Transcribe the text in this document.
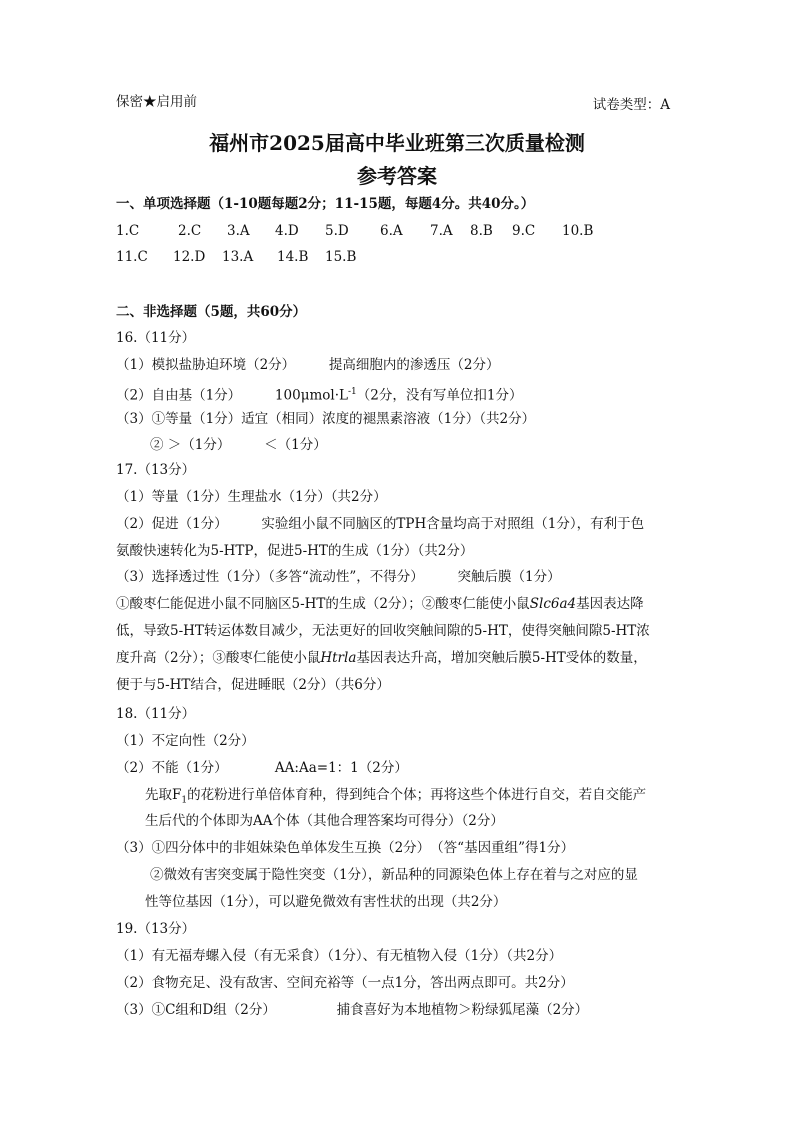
保密★启用前	试卷类型：A
福州市2025届高中毕业班第三次质量检测
参考答案
一、单项选择题（1-10题每题2分；11-15题，每题4分。共40分。）
1.C	2.C 3.A 4.D 5.D 6.A 7.A 8.B 9.C 10.B
11.C 12.D 13.A 14.B 15.B
二、非选择题（5题，共60分）
16.（11分）
（1）模拟盐胁迫环境（2分）　　　提高细胞内的渗透压（2分）
（2）自由基（1分）　　　$100\mu mol\cdot L^{-1}(2$分，没有写单位扣1分）
（3）①等量（1分）适宜（相同）浓度的褪黑素溶液（1分）（共2分）
② ＞（1分）　　　＜（1分）
17.（13分）
（1）等量（1分）生理盐水（1分）（共2分）
（2）促进（1分）　　　实验组小鼠不同脑区的TPH含量均高于对照组（1分），有利于色
氨酸快速转化为5-HTP，促进5-HT的生成（1分）（共2分）
（3）选择透过性（1分）（多答“流动性”，不得分）　　　突触后膜（1分）
①酸枣仁能促进小鼠不同脑区5-HT的生成（2分）；②酸枣仁能使小鼠Slc6a4基因表达降
低，导致5-HT转运体数目减少，无法更好的回收突触间隙的5-HT，使得突触间隙5-HT浓
度升高（2分）；③酸枣仁能使小鼠Htrla基因表达升高，增加突触后膜5-HT受体的数量，
便于与5-HT结合，促进睡眠（2分）（共6分）
18.（11分）
（1）不定向性（2分）
（2）不能（1分）　　　　AA:Aa=1：1（2分）
先取$F_1$的花粉进行单倍体育种，得到纯合个体；再将这些个体进行自交，若自交能产
生后代的个体即为AA个体（其他合理答案均可得分）（2分）
（3）①四分体中的非姐妹染色单体发生互换（2分）　（答“基因重组”得1分）
②微效有害突变属于隐性突变（1分），新品种的同源染色体上存在着与之对应的显
性等位基因（1分），可以避免微效有害性状的出现（共2分）
19.（13分）
（1）有无福寿螺入侵（有无采食）（1分）、有无植物入侵（1分）（共2分）
（2）食物充足、没有敌害、空间充裕等（一点1分，答出两点即可。共2分）
（3）①C组和D组（2分）　　　　　捕食喜好为本地植物＞粉绿狐尾藻（2分）
